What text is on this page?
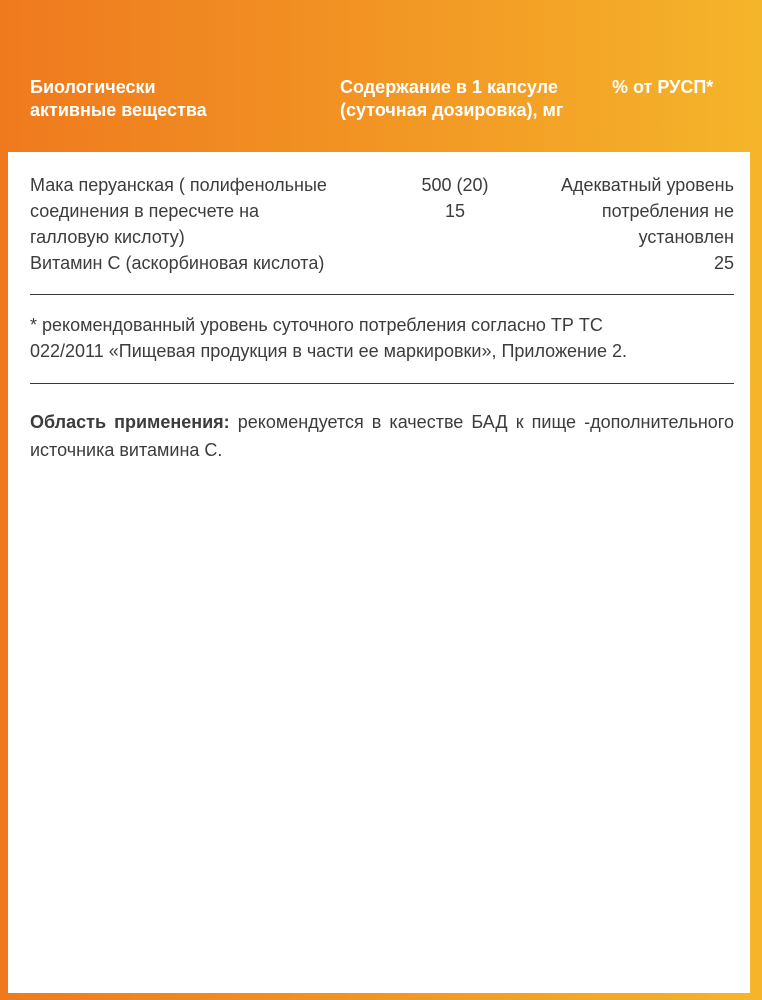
Биологически
активные вещества
Содержание в 1 капсуле
(суточная дозировка), мг
% от РУСП*
Мака перуанская ( полифенольные
соединения в пересчете на
галловую кислоту)
500 (20)
15
Адекватный уровень
потребления не
установлен
Витамин С (аскорбиновая кислота)	25
* рекомендованный уровень суточного потребления согласно ТР ТС
022/2011 «Пищевая продукция в части ее маркировки», Приложение 2.
Область применения: рекомендуется в качестве БАД к пище -дополнительного источника витамина С.
